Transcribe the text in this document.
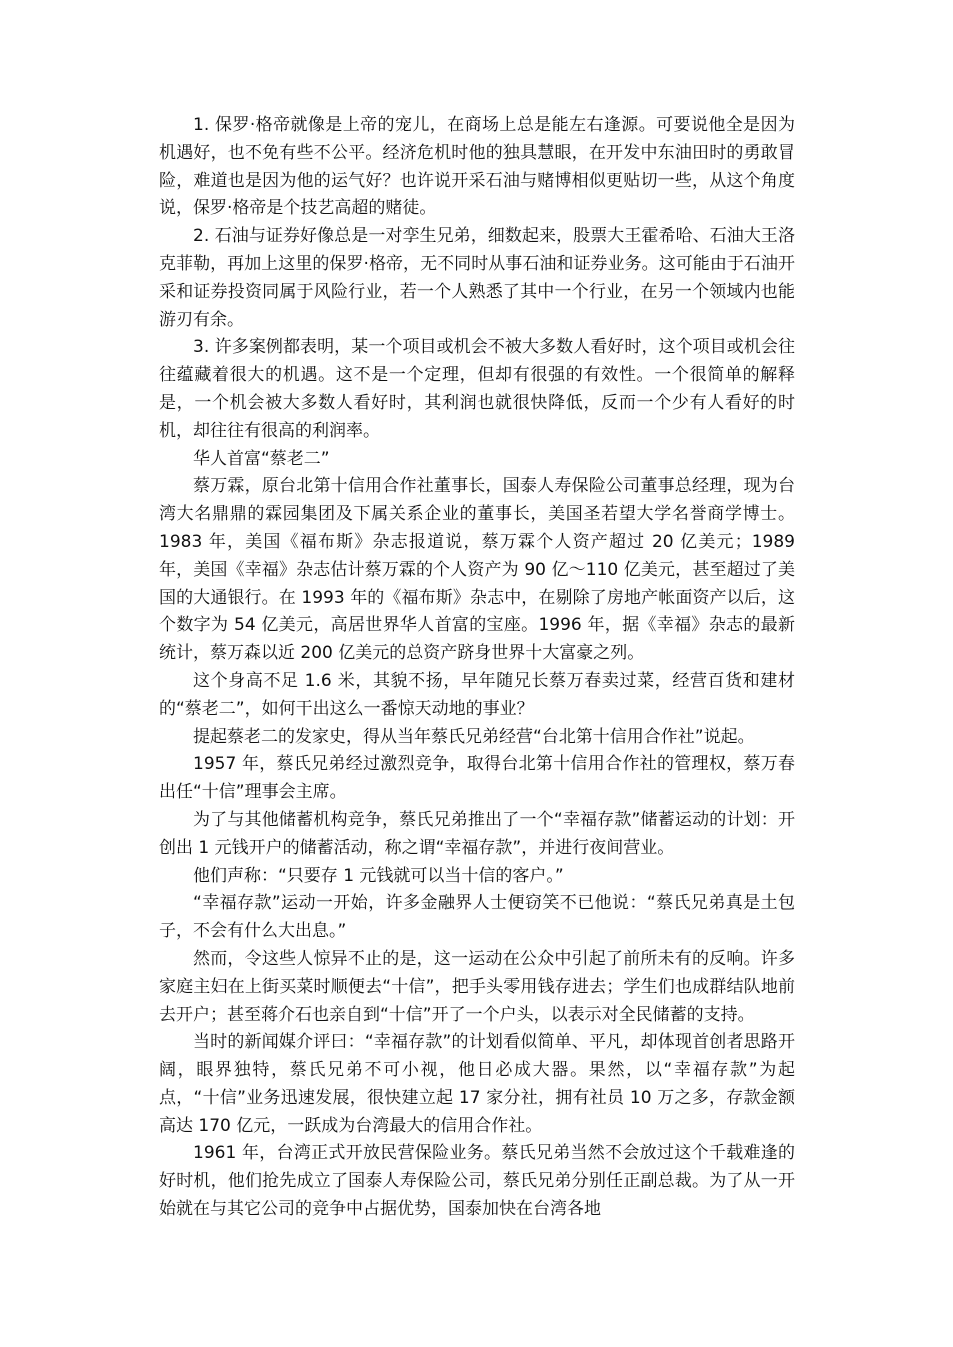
1. 保罗·格帝就像是上帝的宠儿，在商场上总是能左右逢源。可要说他全是因为机遇好，也不免有些不公平。经济危机时他的独具慧眼，在开发中东油田时的勇敢冒险，难道也是因为他的运气好？也许说开采石油与赌博相似更贴切一些，从这个角度说，保罗·格帝是个技艺高超的赌徒。

2. 石油与证券好像总是一对孪生兄弟，细数起来，股票大王霍希哈、石油大王洛克菲勒，再加上这里的保罗·格帝，无不同时从事石油和证券业务。这可能由于石油开采和证券投资同属于风险行业，若一个人熟悉了其中一个行业，在另一个领域内也能游刃有余。

3. 许多案例都表明，某一个项目或机会不被大多数人看好时，这个项目或机会往往蕴藏着很大的机遇。这不是一个定理，但却有很强的有效性。一个很简单的解释是，一个机会被大多数人看好时，其利润也就很快降低，反而一个少有人看好的时机，却往往有很高的利润率。

华人首富“蔡老二”

蔡万霖，原台北第十信用合作社董事长，国泰人寿保险公司董事总经理，现为台湾大名鼎鼎的霖园集团及下属关系企业的董事长，美国圣若望大学名誉商学博士。1983 年，美国《福布斯》杂志报道说，蔡万霖个人资产超过 20 亿美元；1989 年，美国《幸福》杂志估计蔡万霖的个人资产为 90 亿～110 亿美元，甚至超过了美国的大通银行。在 1993 年的《福布斯》杂志中，在剔除了房地产帐面资产以后，这个数字为 54 亿美元，高居世界华人首富的宝座。1996 年，据《幸福》杂志的最新统计，蔡万森以近 200 亿美元的总资产跻身世界十大富豪之列。

这个身高不足 1.6 米，其貌不扬，早年随兄长蔡万春卖过菜，经营百货和建材的“蔡老二”，如何干出这么一番惊天动地的事业？

提起蔡老二的发家史，得从当年蔡氏兄弟经营“台北第十信用合作社”说起。

1957 年，蔡氏兄弟经过激烈竞争，取得台北第十信用合作社的管理权，蔡万春出任“十信”理事会主席。

为了与其他储蓄机构竞争，蔡氏兄弟推出了一个“幸福存款”储蓄运动的计划：开创出 1 元钱开户的储蓄活动，称之谓“幸福存款”，并进行夜间营业。

他们声称：“只要存 1 元钱就可以当十信的客户。”

“幸福存款”运动一开始，许多金融界人士便窃笑不已他说：“蔡氏兄弟真是土包子，不会有什么大出息。”

然而，令这些人惊异不止的是，这一运动在公众中引起了前所未有的反响。许多家庭主妇在上街买菜时顺便去“十信”，把手头零用钱存进去；学生们也成群结队地前去开户；甚至蒋介石也亲自到“十信”开了一个户头，以表示对全民储蓄的支持。

当时的新闻媒介评曰：“幸福存款”的计划看似简单、平凡，却体现首创者思路开阔，眼界独特，蔡氏兄弟不可小视，他日必成大器。果然，以“幸福存款”为起点，“十信”业务迅速发展，很快建立起 17 家分社，拥有社员 10 万之多，存款金额高达 170 亿元，一跃成为台湾最大的信用合作社。

1961 年，台湾正式开放民营保险业务。蔡氏兄弟当然不会放过这个千载难逢的好时机，他们抢先成立了国泰人寿保险公司，蔡氏兄弟分别任正副总裁。为了从一开始就在与其它公司的竞争中占据优势，国泰加快在台湾各地
